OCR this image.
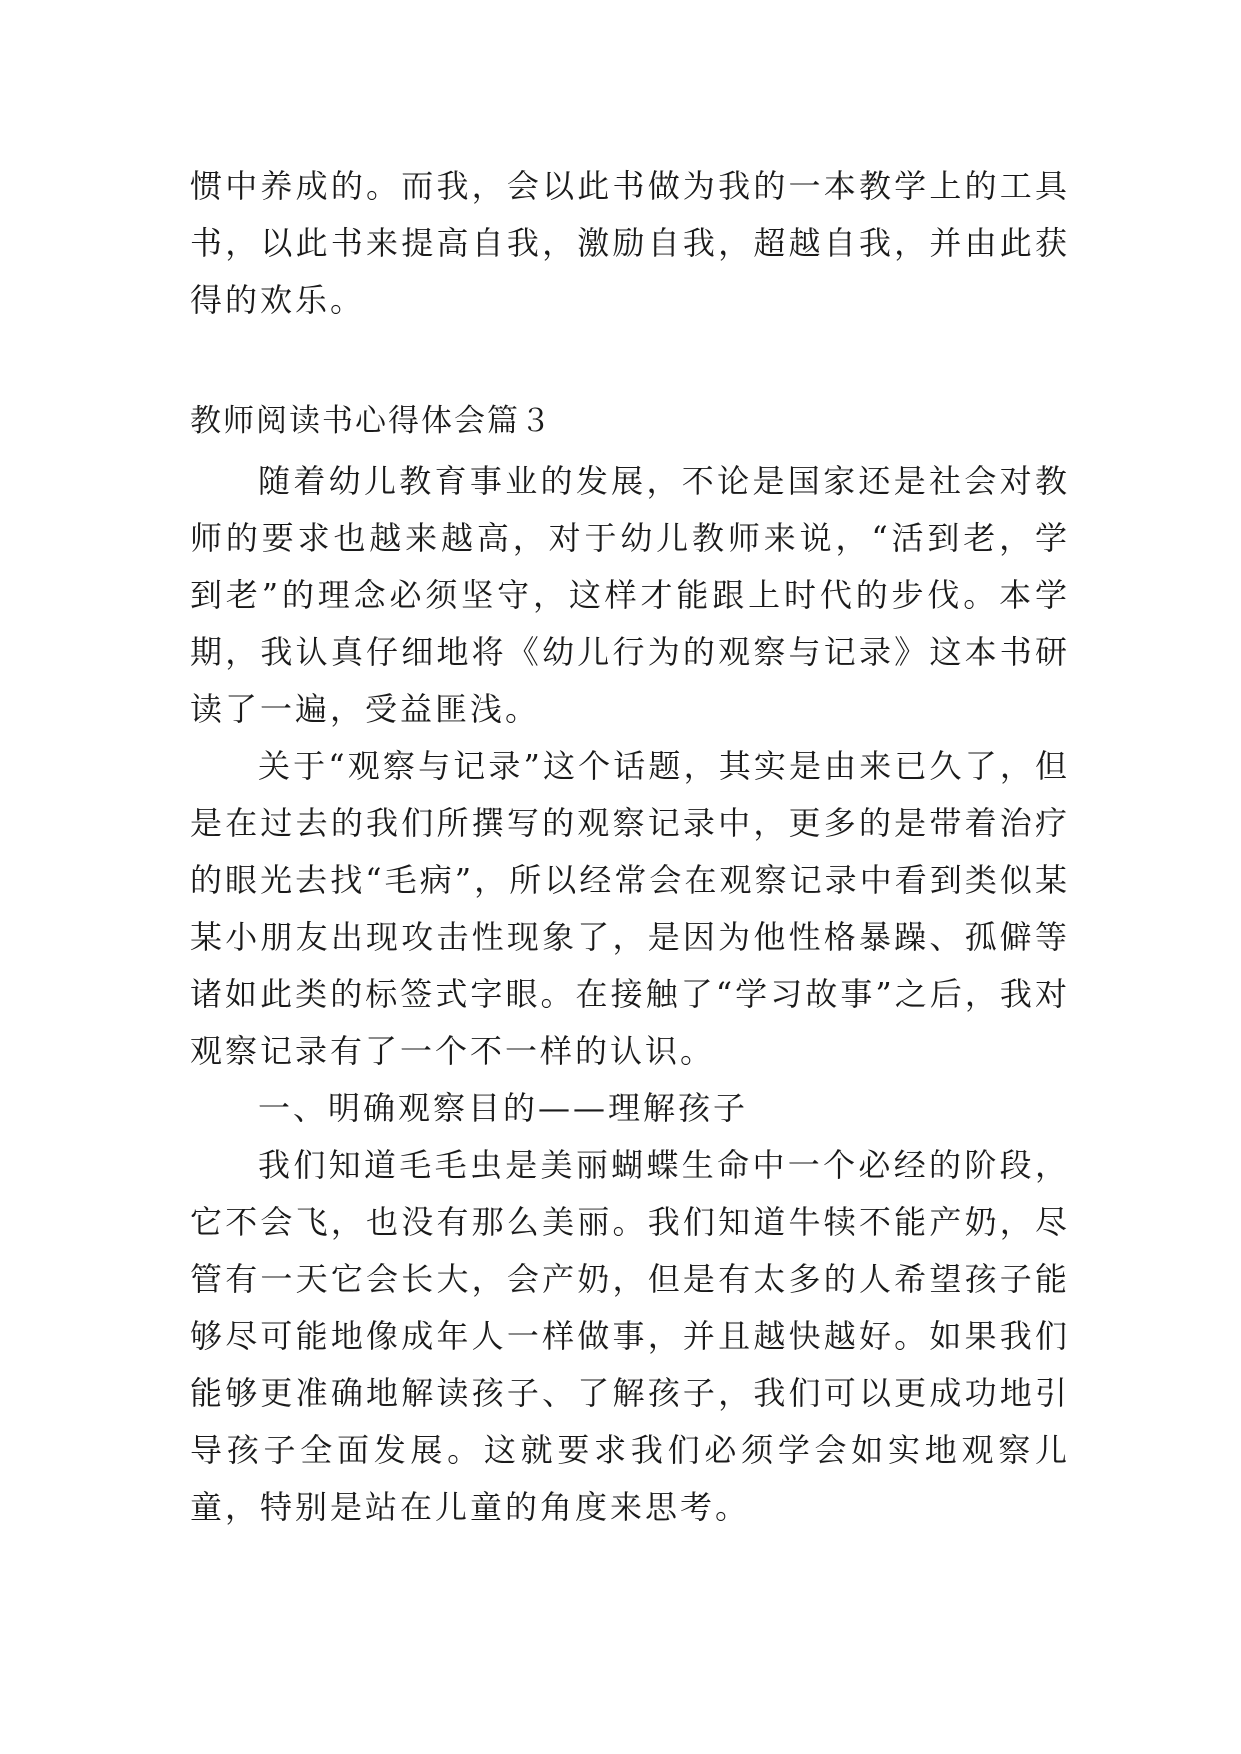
惯中养成的。而我，会以此书做为我的一本教学上的工具书，以此书来提高自我，激励自我，超越自我，并由此获得的欢乐。

教师阅读书心得体会篇３

随着幼儿教育事业的发展，不论是国家还是社会对教师的要求也越来越高，对于幼儿教师来说，“活到老，学到老”的理念必须坚守，这样才能跟上时代的步伐。本学期，我认真仔细地将《幼儿行为的观察与记录》这本书研读了一遍，受益匪浅。

关于“观察与记录”这个话题，其实是由来已久了，但是在过去的我们所撰写的观察记录中，更多的是带着治疗的眼光去找“毛病”，所以经常会在观察记录中看到类似某某小朋友出现攻击性现象了，是因为他性格暴躁、孤僻等诸如此类的标签式字眼。在接触了“学习故事”之后，我对观察记录有了一个不一样的认识。

一、明确观察目的——理解孩子

我们知道毛毛虫是美丽蝴蝶生命中一个必经的阶段，它不会飞，也没有那么美丽。我们知道牛犊不能产奶，尽管有一天它会长大，会产奶，但是有太多的人希望孩子能够尽可能地像成年人一样做事，并且越快越好。如果我们能够更准确地解读孩子、了解孩子，我们可以更成功地引导孩子全面发展。这就要求我们必须学会如实地观察儿童，特别是站在儿童的角度来思考。
